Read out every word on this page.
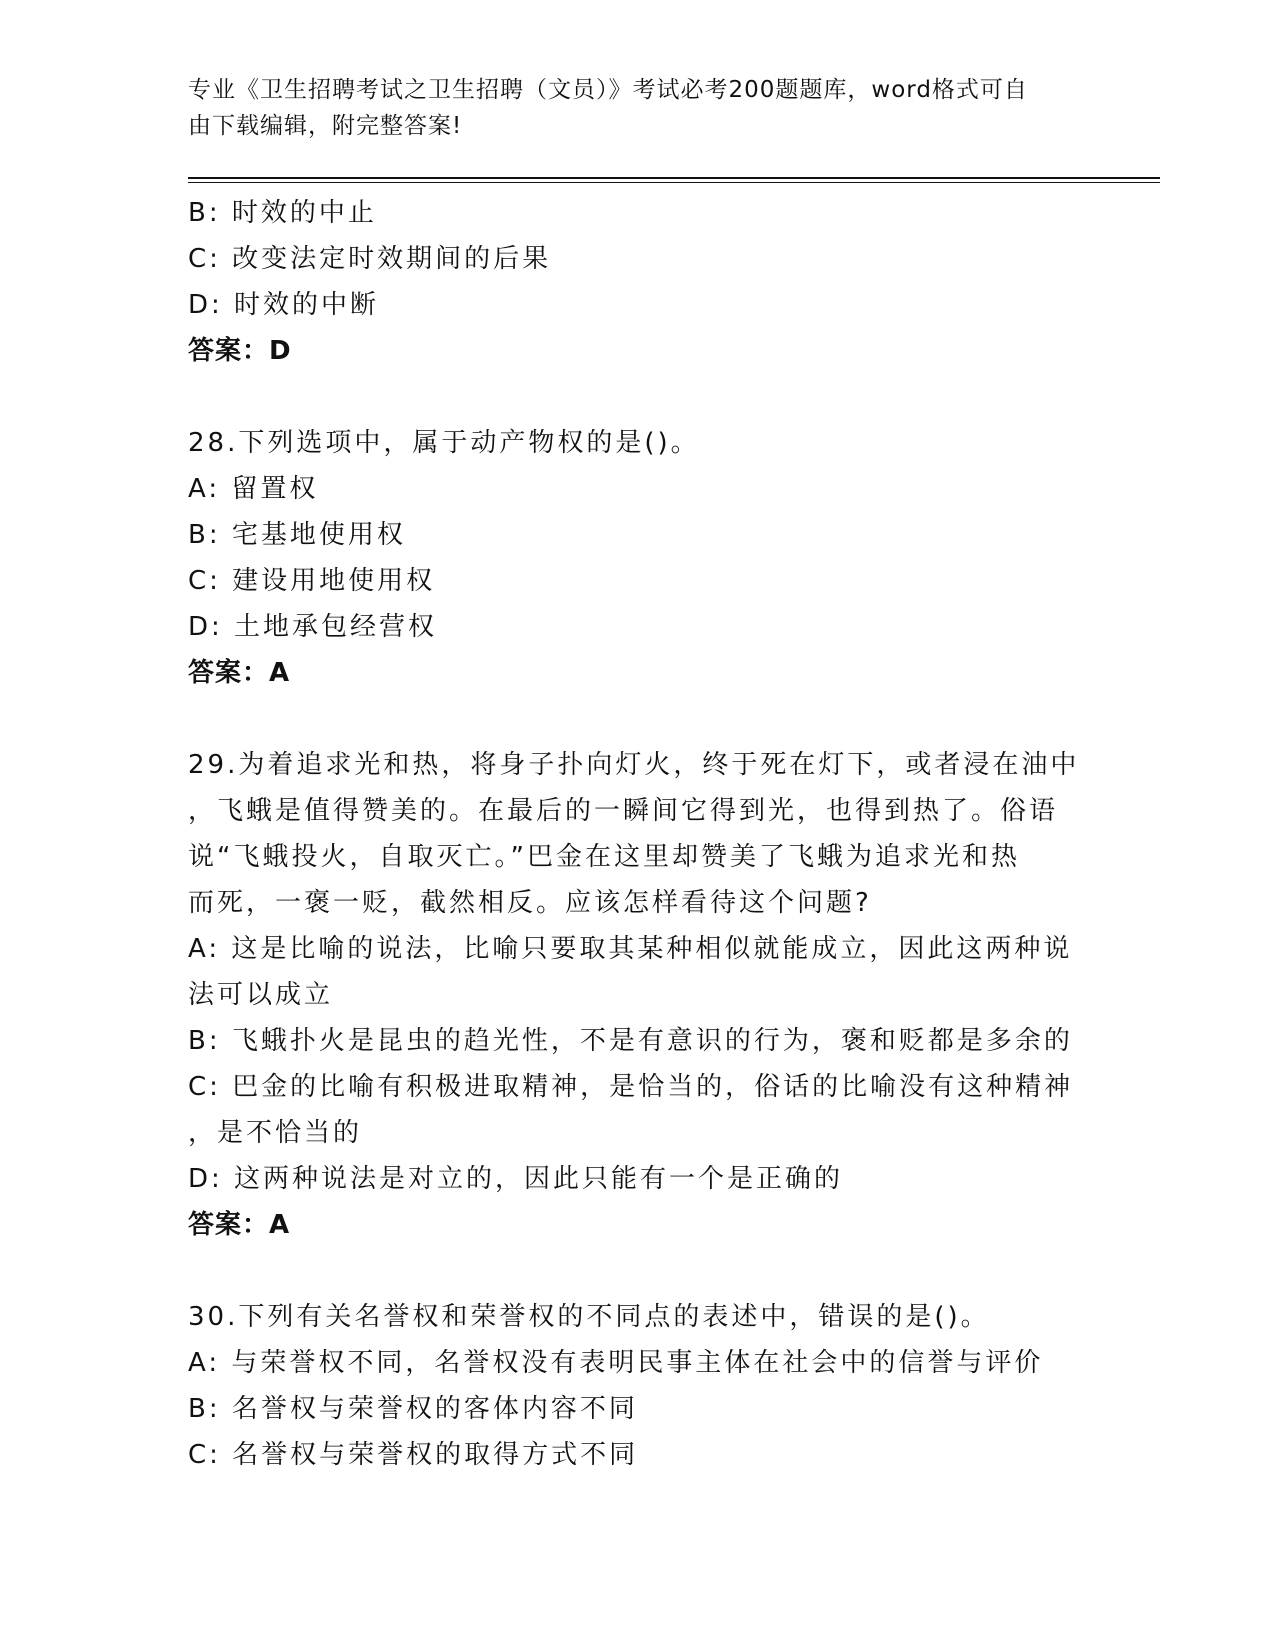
专业《卫生招聘考试之卫生招聘（文员）》考试必考200题题库，word格式可自
由下载编辑，附完整答案!
B: 时效的中止
C: 改变法定时效期间的后果
D: 时效的中断
答案：D
28.下列选项中，属于动产物权的是()。
A: 留置权
B: 宅基地使用权
C: 建设用地使用权
D: 土地承包经营权
答案：A
29.为着追求光和热，将身子扑向灯火，终于死在灯下，或者浸在油中
，飞蛾是值得赞美的。在最后的一瞬间它得到光，也得到热了。俗语
说“飞蛾投火，自取灭亡。”巴金在这里却赞美了飞蛾为追求光和热
而死，一褒一贬，截然相反。应该怎样看待这个问题?
A: 这是比喻的说法，比喻只要取其某种相似就能成立，因此这两种说
法可以成立
B: 飞蛾扑火是昆虫的趋光性，不是有意识的行为，褒和贬都是多余的
C: 巴金的比喻有积极进取精神，是恰当的，俗话的比喻没有这种精神
，是不恰当的
D: 这两种说法是对立的，因此只能有一个是正确的
答案：A
30.下列有关名誉权和荣誉权的不同点的表述中，错误的是()。
A: 与荣誉权不同，名誉权没有表明民事主体在社会中的信誉与评价
B: 名誉权与荣誉权的客体内容不同
C: 名誉权与荣誉权的取得方式不同
